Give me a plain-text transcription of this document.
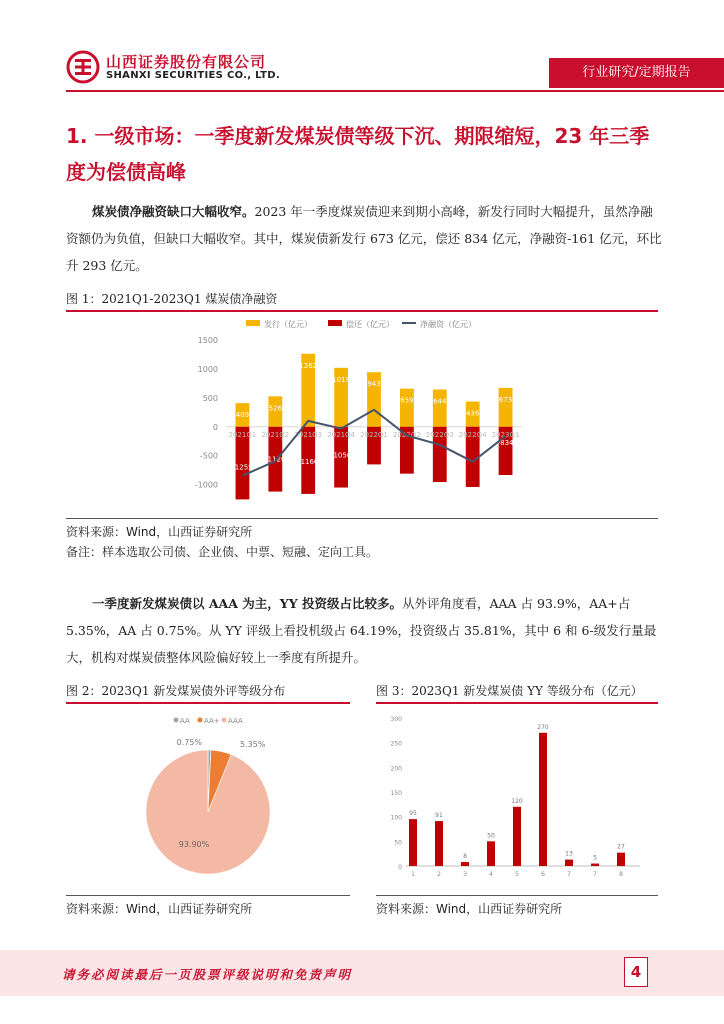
山西证券股份有限公司
SHANXI SECURITIES CO., LTD.	行业研究/定期报告
1. 一级市场：一季度新发煤炭债等级下沉、期限缩短，23 年三季度为偿债高峰
煤炭债净融资缺口大幅收窄。2023 年一季度煤炭债迎来到期小高峰，新发行同时大幅提升，虽然净融资额仍为负值，但缺口大幅收窄。其中，煤炭债新发行 673 亿元，偿还 834 亿元，净融资-161 亿元，环比升 293 亿元。
图 1：2021Q1-2023Q1 煤炭债净融资
发行（亿元）	偿还（亿元）	净融资（亿元）
1500
1000
500
0
-500
-1000
409
-1255
526
-1120
1262
-1160
1019
-1050
943
659	644
436
673
-834
2021Q1 2021Q2 2021Q3 2021Q4 2022Q1 2022Q2 2022Q3 2022Q4 2023Q1
资料来源：Wind，山西证券研究所
备注：样本选取公司债、企业债、中票、短融、定向工具。
一季度新发煤炭债以 AAA 为主，YY 投资级占比较多。从外评角度看，AAA 占 93.9%，AA+占 5.35%，AA 占 0.75%。从 YY 评级上看投机级占 64.19%，投资级占 35.81%，其中 6 和 6-级发行量最大，机构对煤炭债整体风险偏好较上一季度有所提升。
图 2：2023Q1 新发煤炭债外评等级分布
AA AA+ AAA
0.75%	5.35%
93.90%
资料来源：Wind，山西证券研究所
图 3：2023Q1 新发煤炭债 YY 等级分布（亿元）
300
250
200
150
100
50
0
95	91
8
50
120
270
13
5
27
1	2	3	4	5	6	7	7	8
资料来源：Wind，山西证券研究所
请务必阅读最后一页股票评级说明和免责声明	4
